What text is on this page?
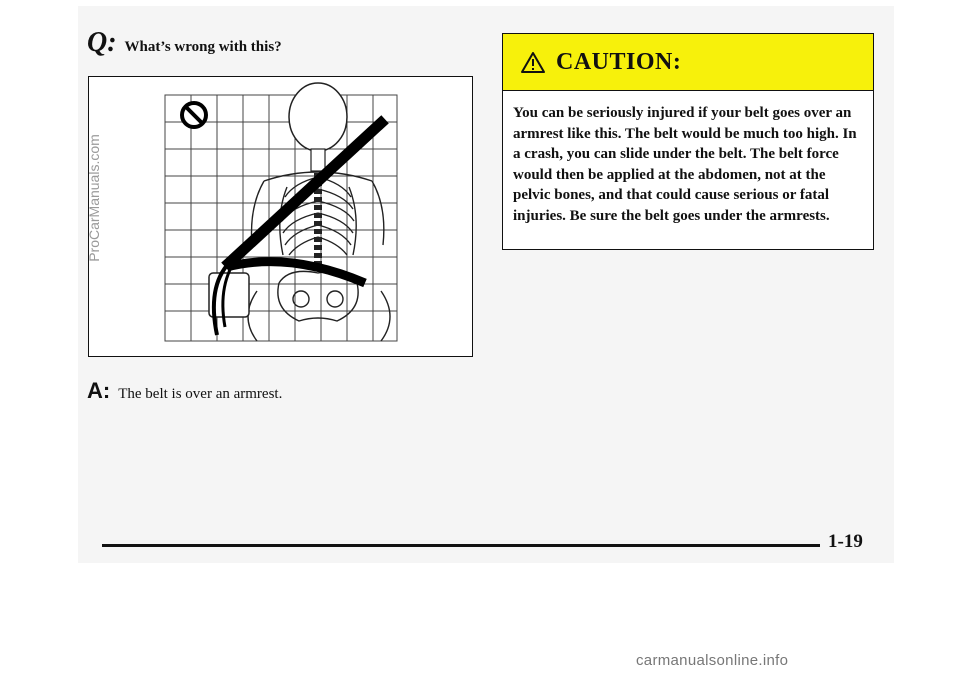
Q: What’s wrong with this?
A: The belt is over an armrest.
CAUTION:
You can be seriously injured if your belt goes over an armrest like this. The belt would be much too high. In a crash, you can slide under the belt. The belt force would then be applied at the abdomen, not at the pelvic bones, and that could cause serious or fatal injuries. Be sure the belt goes under the armrests.
1-19
ProCarManuals.com
carmanualsonline.info
